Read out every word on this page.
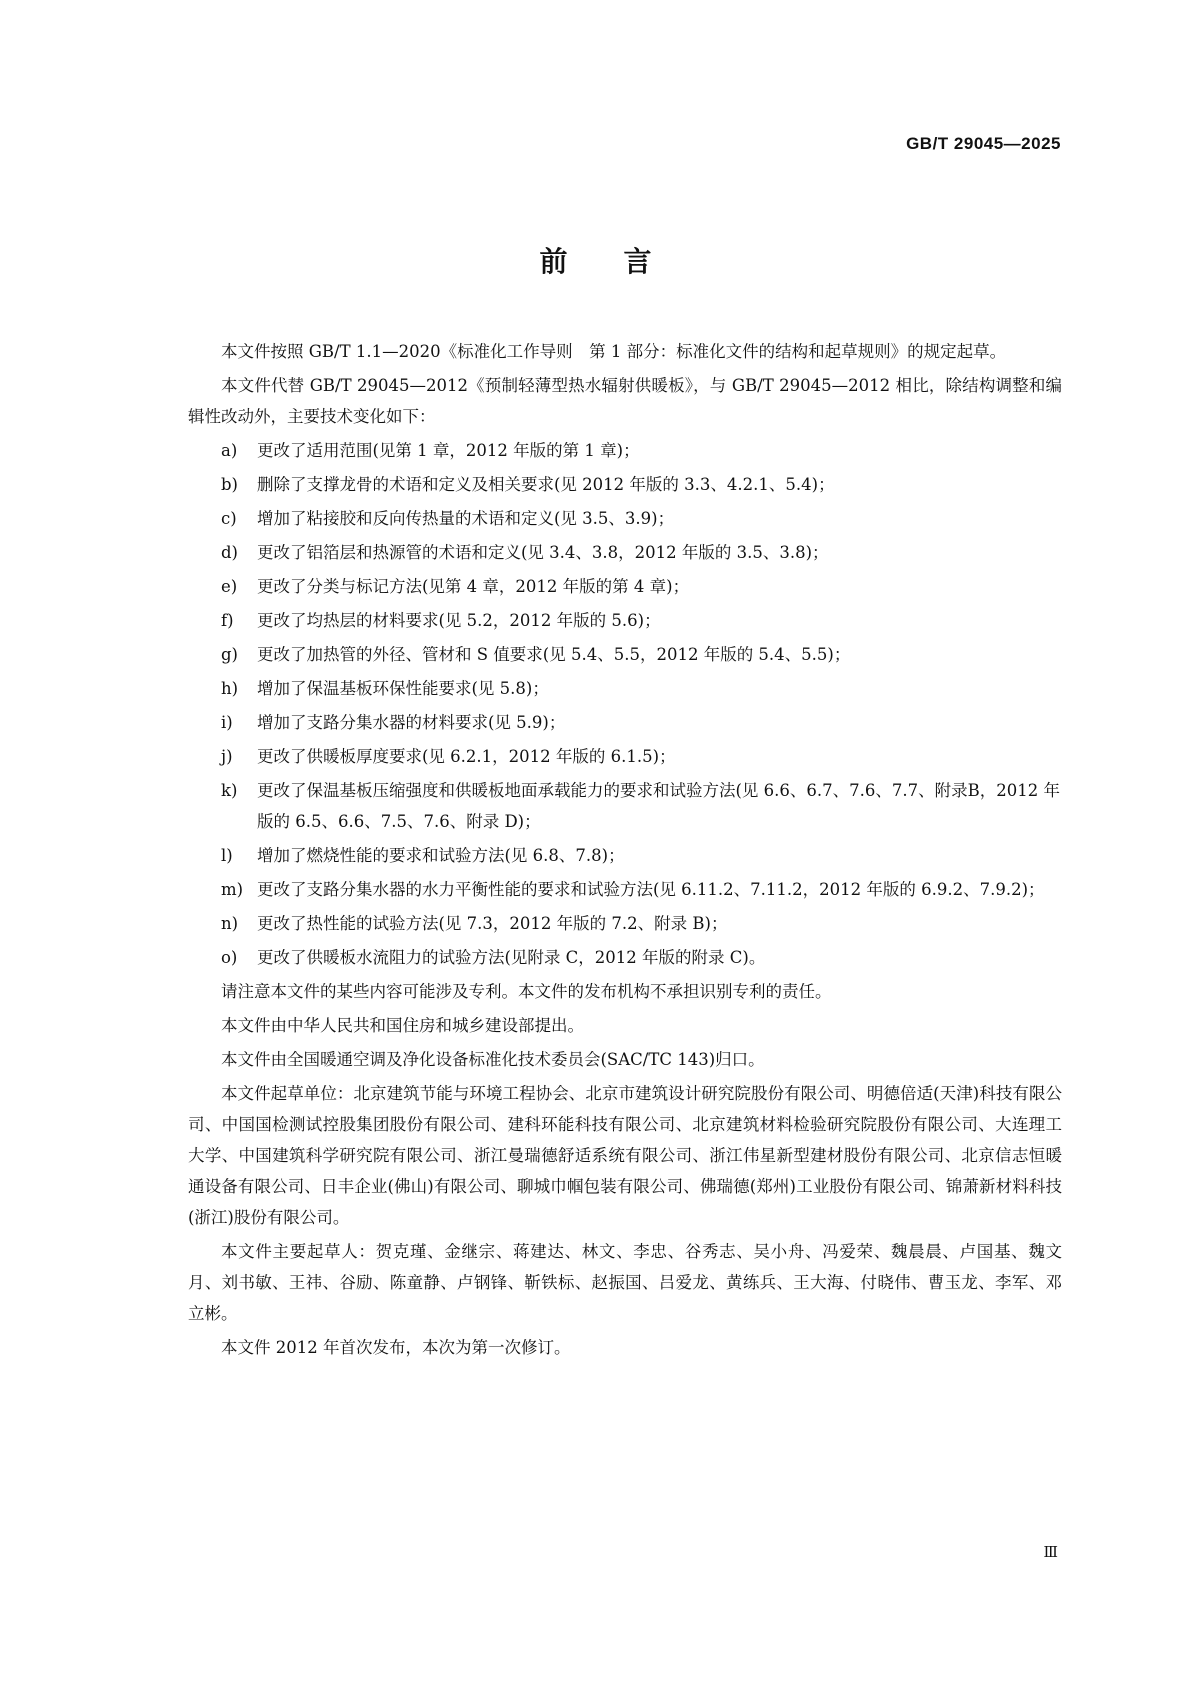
GB/T 29045—2025
前言

本文件按照 GB/T 1.1—2020《标准化工作导则　第 1 部分：标准化文件的结构和起草规则》的规定起草。

本文件代替 GB/T 29045—2012《预制轻薄型热水辐射供暖板》，与 GB/T 29045—2012 相比，除结构调整和编辑性改动外，主要技术变化如下：

a)	更改了适用范围(见第 1 章，2012 年版的第 1 章)；
b)	删除了支撑龙骨的术语和定义及相关要求(见 2012 年版的 3.3、4.2.1、5.4)；
c)	增加了粘接胶和反向传热量的术语和定义(见 3.5、3.9)；
d)	更改了铝箔层和热源管的术语和定义(见 3.4、3.8，2012 年版的 3.5、3.8)；
e)	更改了分类与标记方法(见第 4 章，2012 年版的第 4 章)；
f)	更改了均热层的材料要求(见 5.2，2012 年版的 5.6)；
g)	更改了加热管的外径、管材和 S 值要求(见 5.4、5.5，2012 年版的 5.4、5.5)；
h)	增加了保温基板环保性能要求(见 5.8)；
i)	增加了支路分集水器的材料要求(见 5.9)；
j)	更改了供暖板厚度要求(见 6.2.1，2012 年版的 6.1.5)；
k)	更改了保温基板压缩强度和供暖板地面承载能力的要求和试验方法(见 6.6、6.7、7.6、7.7、附录B，2012 年版的 6.5、6.6、7.5、7.6、附录 D)；
l)	增加了燃烧性能的要求和试验方法(见 6.8、7.8)；
m) 更改了支路分集水器的水力平衡性能的要求和试验方法(见 6.11.2、7.11.2，2012 年版的 6.9.2、7.9.2)；
n)	更改了热性能的试验方法(见 7.3，2012 年版的 7.2、附录 B)；
o)	更改了供暖板水流阻力的试验方法(见附录 C，2012 年版的附录 C)。

请注意本文件的某些内容可能涉及专利。本文件的发布机构不承担识别专利的责任。

本文件由中华人民共和国住房和城乡建设部提出。

本文件由全国暖通空调及净化设备标准化技术委员会(SAC/TC 143)归口。

本文件起草单位：北京建筑节能与环境工程协会、北京市建筑设计研究院股份有限公司、明德倍适(天津)科技有限公司、中国国检测试控股集团股份有限公司、建科环能科技有限公司、北京建筑材料检验研究院股份有限公司、大连理工大学、中国建筑科学研究院有限公司、浙江曼瑞德舒适系统有限公司、浙江伟星新型建材股份有限公司、北京信志恒暖通设备有限公司、日丰企业(佛山)有限公司、聊城巾帼包装有限公司、佛瑞德(郑州)工业股份有限公司、锦萧新材料科技(浙江)股份有限公司。

本文件主要起草人：贺克瑾、金继宗、蒋建达、林文、李忠、谷秀志、吴小舟、冯爱荣、魏晨晨、卢国基、魏文月、刘书敏、王祎、谷励、陈童静、卢钢锋、靳铁标、赵振国、吕爱龙、黄练兵、王大海、付晓伟、曹玉龙、李军、邓立彬。

本文件 2012 年首次发布，本次为第一次修订。

Ⅲ
